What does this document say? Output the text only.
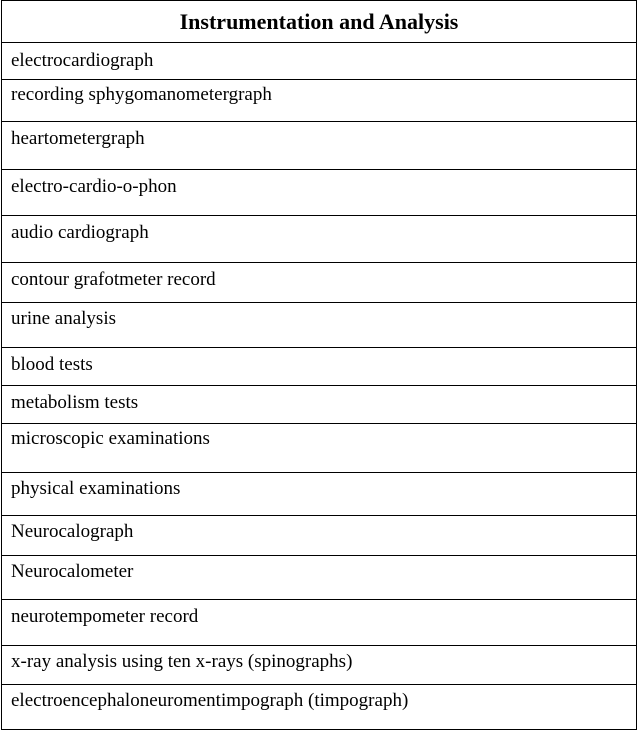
Instrumentation and Analysis
electrocardiograph
recording sphygomanometergraph
heartometergraph
electro-cardio-o-phon
audio cardiograph
contour grafotmeter record
urine analysis
blood tests
metabolism tests
microscopic examinations
physical examinations
Neurocalograph
Neurocalometer
neurotempometer record
x-ray analysis using ten x-rays (spinographs)
electroencephaloneuromentimpograph (timpograph)
